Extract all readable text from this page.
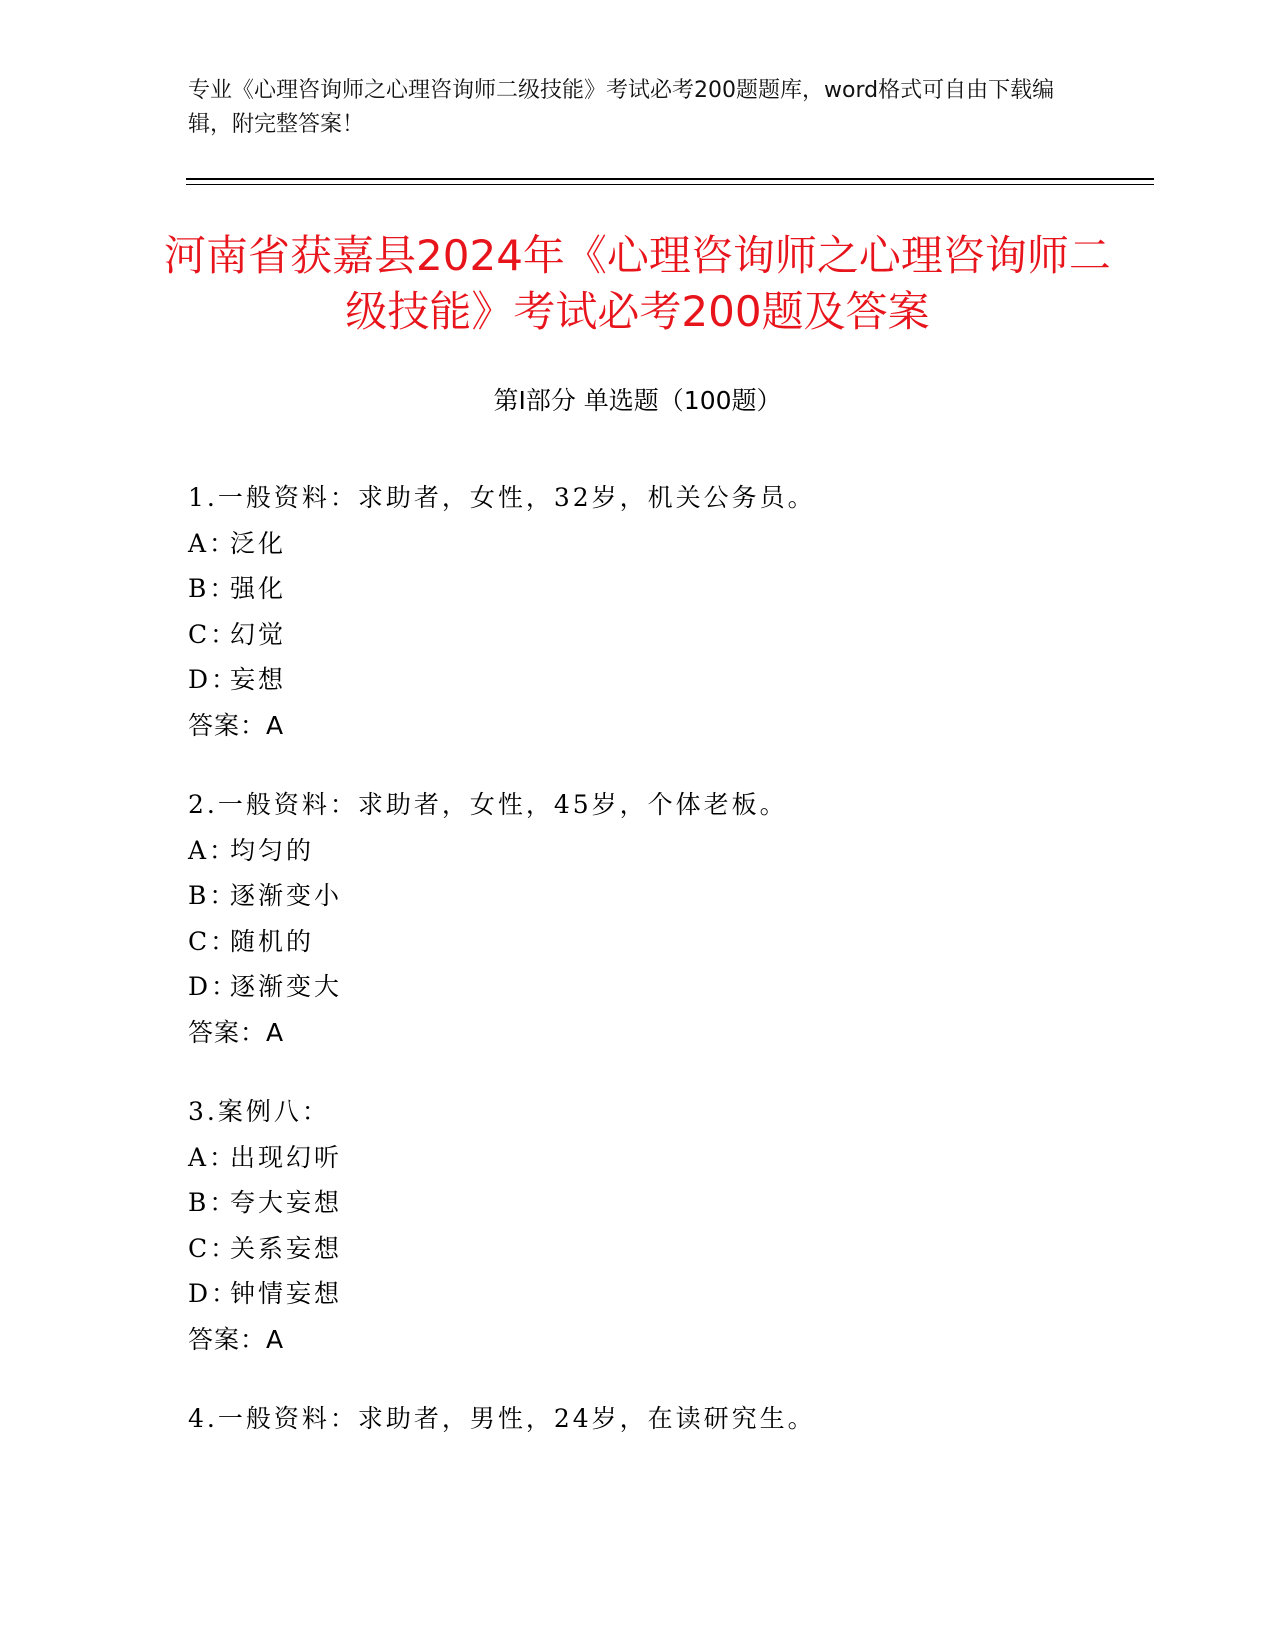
专业《心理咨询师之心理咨询师二级技能》考试必考200题题库，word格式可自由下载编辑，附完整答案！
河南省获嘉县2024年《心理咨询师之心理咨询师二级技能》考试必考200题及答案
第Ⅰ部分 单选题（100题）
1.一般资料：求助者，女性，32岁，机关公务员。
A：泛化
B：强化
C：幻觉
D：妄想
答案：A
2.一般资料：求助者，女性，45岁，个体老板。
A：均匀的
B：逐渐变小
C：随机的
D：逐渐变大
答案：A
3.案例八：
A：出现幻听
B：夸大妄想
C：关系妄想
D：钟情妄想
答案：A
4.一般资料：求助者，男性，24岁，在读研究生。
